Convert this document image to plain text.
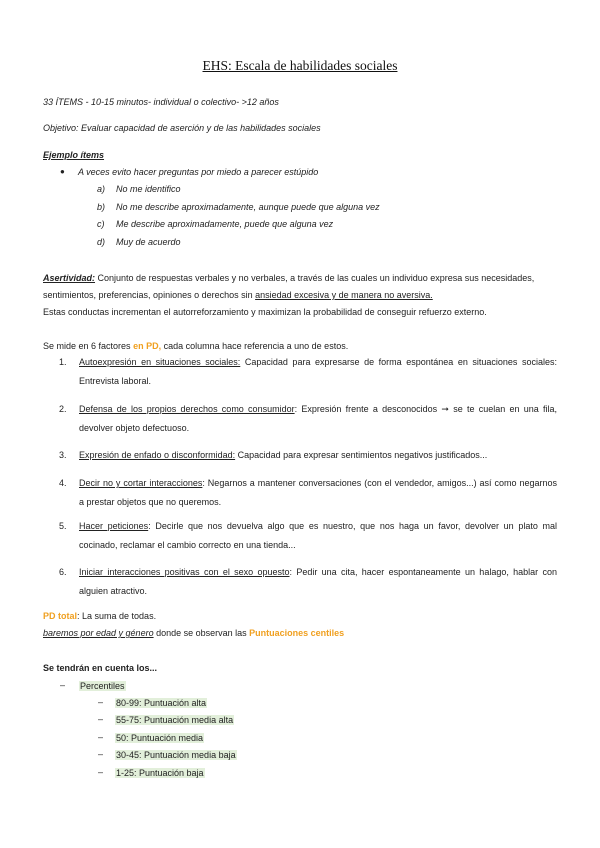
EHS: Escala de habilidades sociales
33 ÍTEMS - 10-15 minutos- individual o colectivo- >12 años
Objetivo: Evaluar capacidad de aserción y de las habilidades sociales
Ejemplo ítems
● A veces evito hacer preguntas por miedo a parecer estúpido
a) No me identifico
b) No me describe aproximadamente, aunque puede que alguna vez
c) Me describe aproximadamente, puede que alguna vez
d) Muy de acuerdo
Asertividad: Conjunto de respuestas verbales y no verbales, a través de las cuales un individuo expresa sus necesidades,
sentimientos, preferencias, opiniones o derechos sin ansiedad excesiva y de manera no aversiva.
Estas conductas incrementan el autorreforzamiento y maximizan la probabilidad de conseguir refuerzo externo.
Se mide en 6 factores en PD, cada columna hace referencia a uno de estos.
1. Autoexpresión en situaciones sociales: Capacidad para expresarse de forma espontánea en situaciones sociales: Entrevista laboral.
2. Defensa de los propios derechos como consumidor: Expresión frente a desconocidos ➞ se te cuelan en una fila, devolver objeto defectuoso.
3. Expresión de enfado o disconformidad: Capacidad para expresar sentimientos negativos justificados...
4. Decir no y cortar interacciones: Negarnos a mantener conversaciones (con el vendedor, amigos...) así como negarnos a prestar objetos que no queremos.
5. Hacer peticiones: Decirle que nos devuelva algo que es nuestro, que nos haga un favor, devolver un plato mal cocinado, reclamar el cambio correcto en una tienda...
6. Iniciar interacciones positivas con el sexo opuesto: Pedir una cita, hacer espontaneamente un halago, hablar con alguien atractivo.
PD total: La suma de todas.
baremos por edad y género donde se observan las Puntuaciones centiles
Se tendrán en cuenta los...
– Percentiles
– 80-99: Puntuación alta
– 55-75: Puntuación media alta
– 50: Puntuación media
– 30-45: Puntuación media baja
– 1-25: Puntuación baja
